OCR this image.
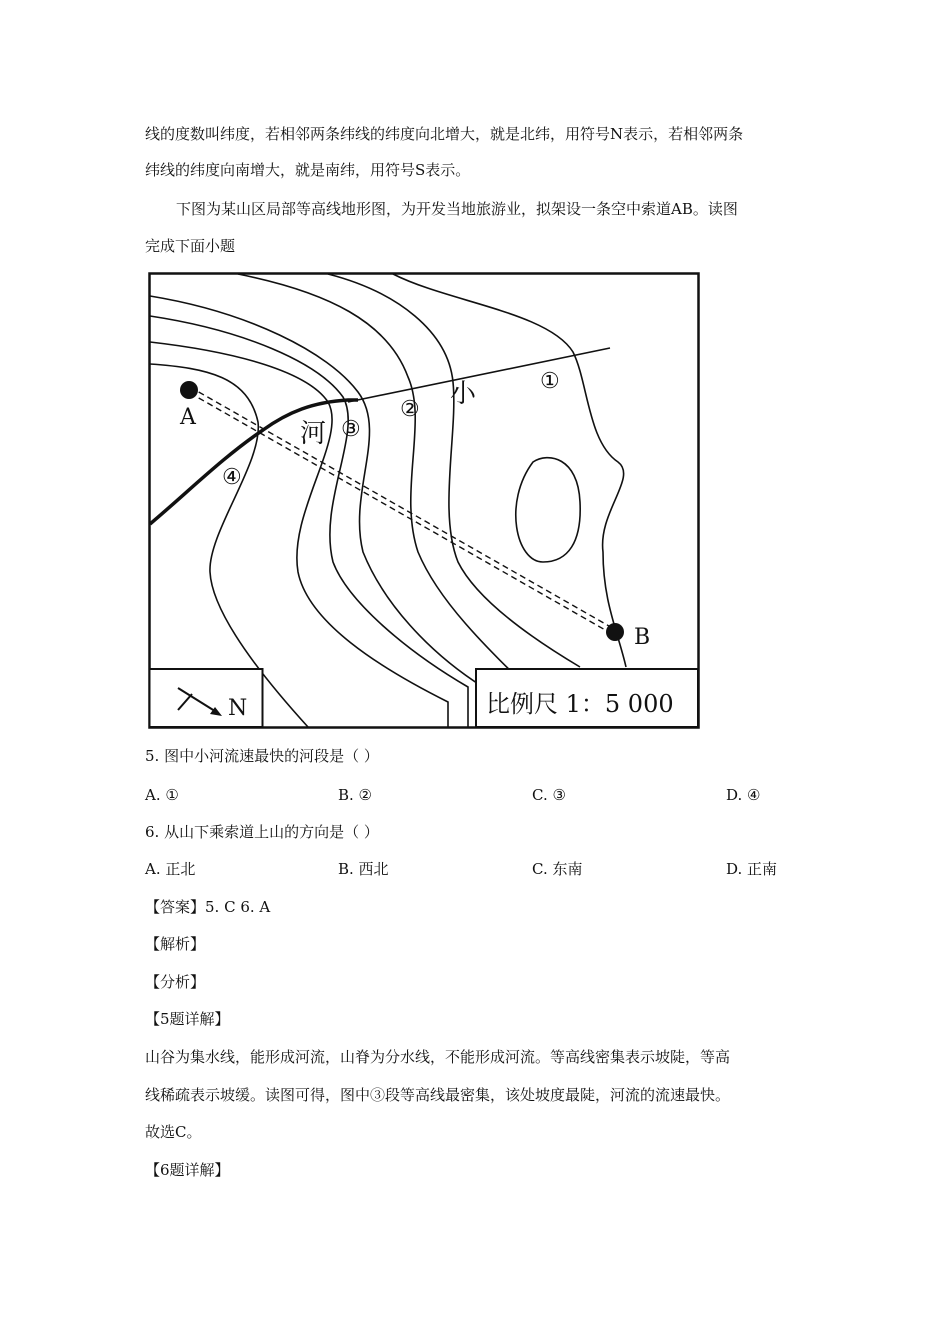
线的度数叫纬度，若相邻两条纬线的纬度向北增大，就是北纬，用符号N表示，若相邻两条
纬线的纬度向南增大，就是南纬，用符号S表示。
下图为某山区局部等高线地形图，为开发当地旅游业，拟架设一条空中索道AB。读图
完成下面小题
A
B
小
河
①
②
③
④
N	比例尺 1：5 000
5. 图中小河流速最快的河段是（ ）
A. ①	B. ②	C. ③	D. ④
6. 从山下乘索道上山的方向是（ ）
A. 正北	B. 西北	C. 东南	D. 正南
【答案】5. C 6. A
【解析】
【分析】
【5题详解】
山谷为集水线，能形成河流，山脊为分水线，不能形成河流。等高线密集表示坡陡，等高
线稀疏表示坡缓。读图可得，图中③段等高线最密集，该处坡度最陡，河流的流速最快。
故选C。
【6题详解】
